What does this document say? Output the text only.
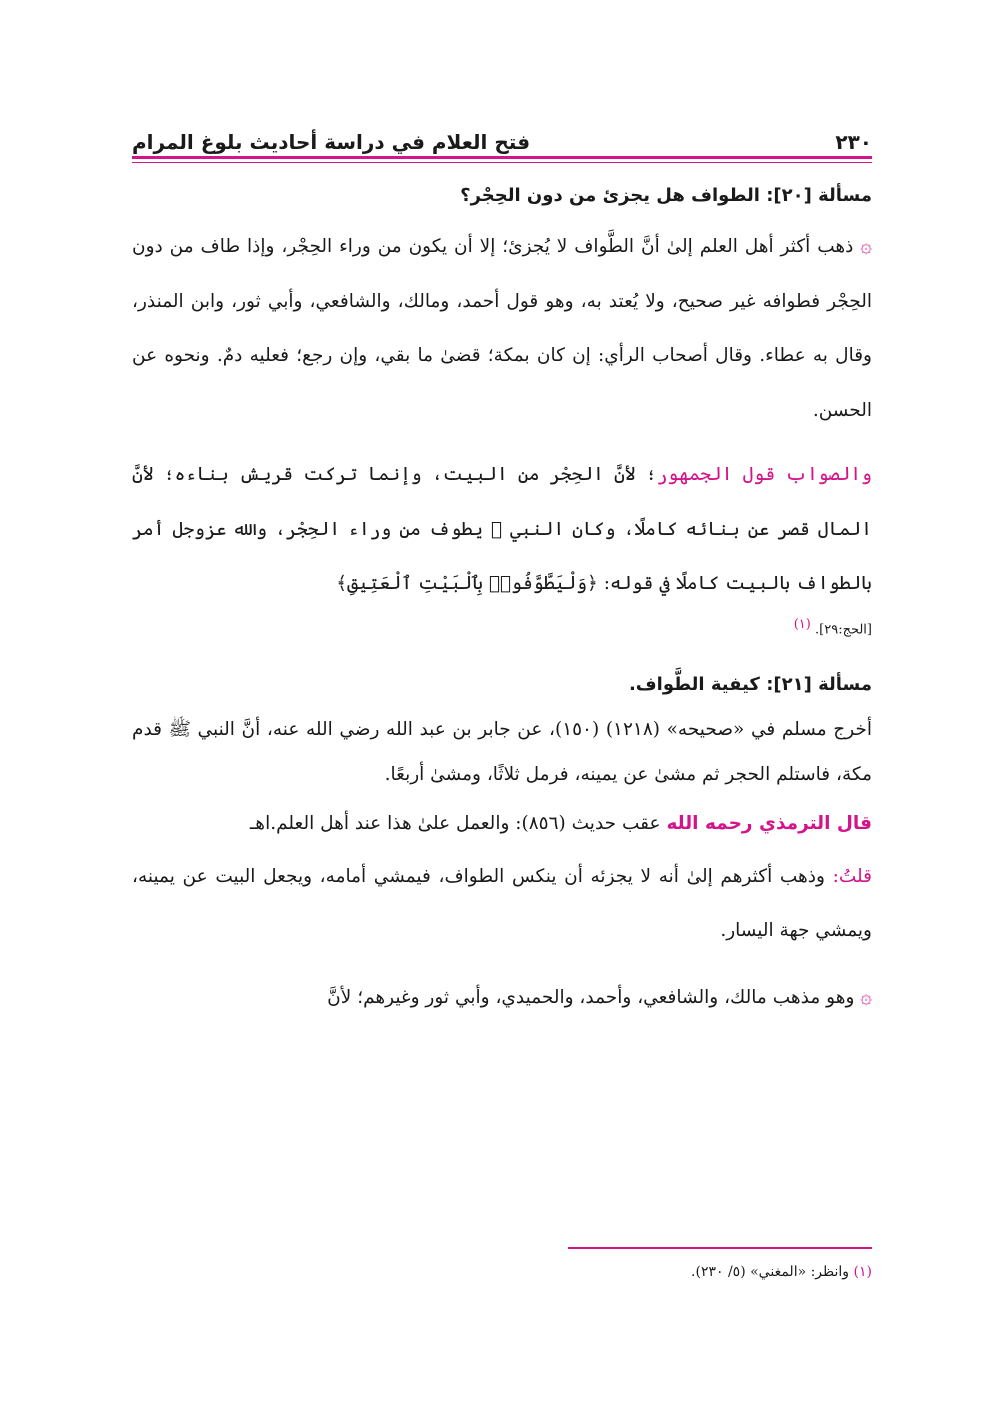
٢٣٠
فتح العلام في دراسة أحاديث بلوغ المرام
مسألة [٢٠]: الطواف هل يجزئ من دون الحِجْر؟

۞ ذهب أكثر أهل العلم إلىٰ أنَّ الطَّواف لا يُجزئ؛ إلا أن يكون من وراء الحِجْر، وإذا طاف من دون الحِجْر فطوافه غير صحيح، ولا يُعتد به، وهو قول أحمد، ومالك، والشافعي، وأبي ثور، وابن المنذر، وقال به عطاء. وقال أصحاب الرأي: إن كان بمكة؛ قضىٰ ما بقي، وإن رجع؛ فعليه دمٌ. ونحوه عن الحسن.

والصواب قول الجمهور؛ لأنَّ الحِجْر من البيت، وإنما تركت قريش بناءه؛ لأنَّ المال قصر عن بنائه كاملًا، وكان النبي ﷺ يطوف من وراء الحِجْر، والله عزوجل أمر بالطواف بالبيت كاملًا في قوله: ﴿وَلْيَطَّوَّفُوا۟ بِٱلْبَيْتِ ٱلْعَتِيقِ﴾

[الحج:٢٩]. $^{(١)}$
مسألة [٢١]: كيفية الطَّواف.

أخرج مسلم في «صحيحه» (١٢١٨) (١٥٠)، عن جابر بن عبد الله رضي الله عنه، أنَّ النبي ﷺ قدم مكة، فاستلم الحجر ثم مشىٰ عن يمينه، فرمل ثلاثًا، ومشىٰ أربعًا.

قال الترمذي رحمه الله عقب حديث (٨٥٦): والعمل علىٰ هذا عند أهل العلم.اهـ

قلتُ: وذهب أكثرهم إلىٰ أنه لا يجزئه أن ينكس الطواف، فيمشي أمامه، ويجعل البيت عن يمينه، ويمشي جهة اليسار.

۞ وهو مذهب مالك، والشافعي، وأحمد، والحميدي، وأبي ثور وغيرهم؛ لأنَّ

(١) وانظر: «المغني» (٥/ ٢٣٠).
